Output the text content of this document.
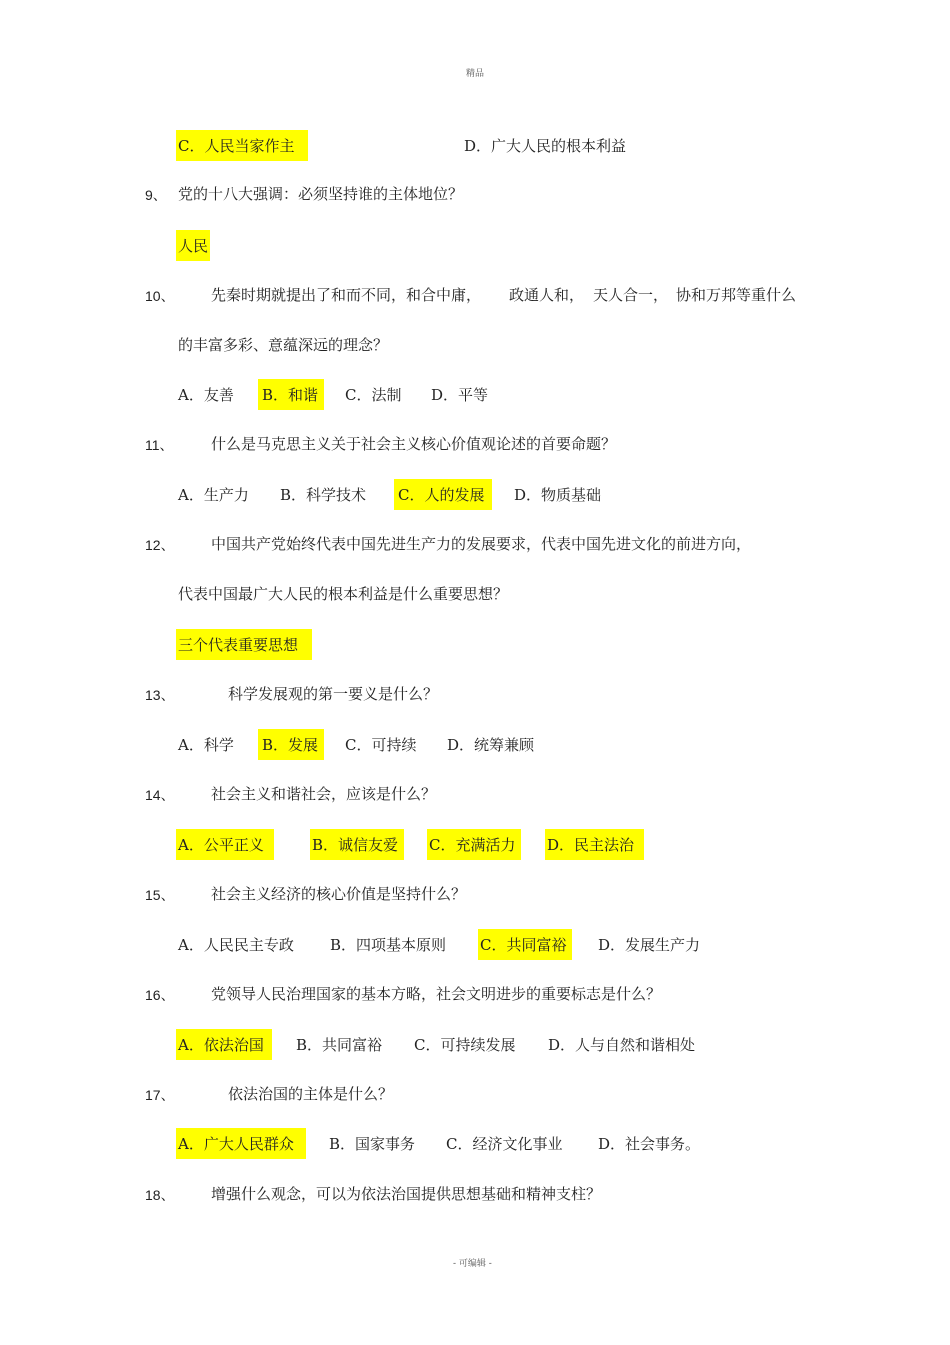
精品
C．人民当家作主	D．广大人民的根本利益
9、 党的十八大强调：必须坚持谁的主体地位？
人民
10、 先秦时期就提出了和而不同，和合中庸， 政通人和， 天人合一， 协和万邦等重什么
的丰富多彩、意蕴深远的理念？
A．友善 B．和谐	C．法制 D．平等
11、 什么是马克思主义关于社会主义核心价值观论述的首要命题？
A．生产力 B．科学技术 C．人的发展	D．物质基础
12、 中国共产党始终代表中国先进生产力的发展要求，代表中国先进文化的前进方向，
代表中国最广大人民的根本利益是什么重要思想？
三个代表重要思想
13、	科学发展观的第一要义是什么？
A．科学 B．发展	C．可持续 D．统筹兼顾
14、 社会主义和谐社会，应该是什么？
A．公平正义	B．诚信友爱	C．充满活力	D．民主法治
15、 社会主义经济的核心价值是坚持什么？
A．人民民主专政 B．四项基本原则 C．共同富裕	D．发展生产力
16、 党领导人民治理国家的基本方略，社会文明进步的重要标志是什么？
A．依法治国	B．共同富裕 C．可持续发展 D．人与自然和谐相处
17、	依法治国的主体是什么？
A．广大人民群众	B．国家事务 C．经济文化事业 D．社会事务。
18、 增强什么观念，可以为依法治国提供思想基础和精神支柱？
- 可编辑 -
